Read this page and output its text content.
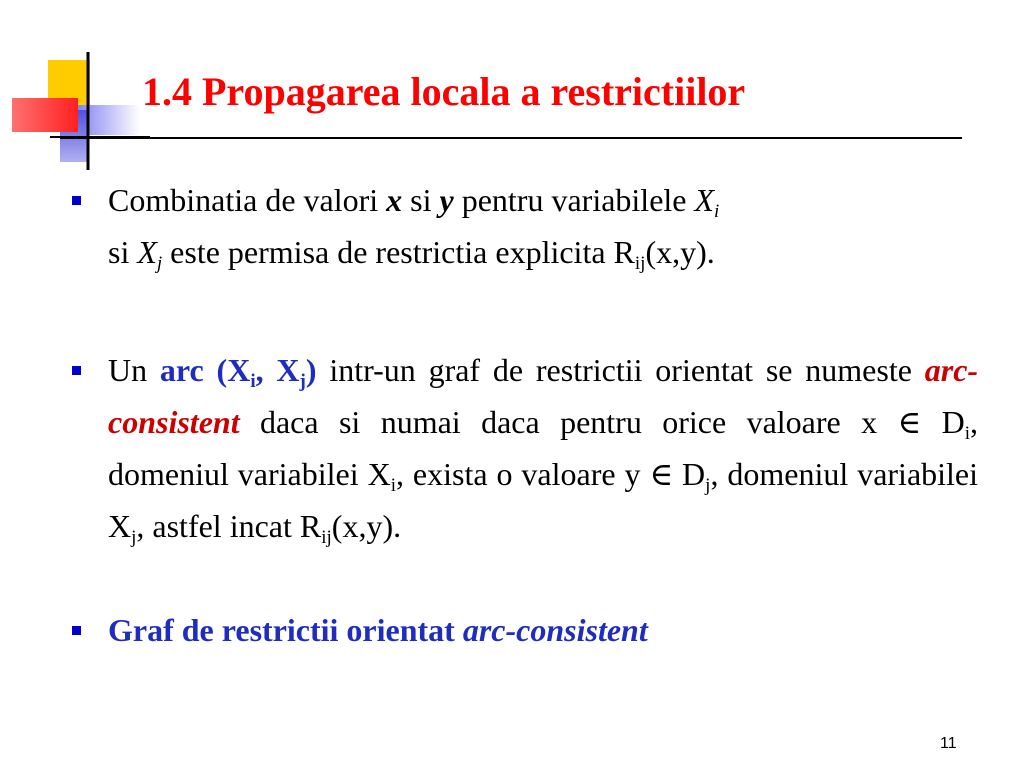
1.4 Propagarea locala a restrictiilor

Combinatia de valori x si y pentru variabilele $X_i$
si $X_j$ este permisa de restrictia explicita $R_{ij}(x,y)$.

Un arc ($X_i$, $X_j$) intr-un graf de restrictii orientat se numeste arc-consistent daca si numai daca pentru orice valoare x ∈ $D_i$, domeniul variabilei $X_i$, exista o valoare y ∈ $D_j$, domeniul variabilei $X_j$, astfel incat $R_{ij}(x,y)$.

Graf de restrictii orientat arc-consistent

11
